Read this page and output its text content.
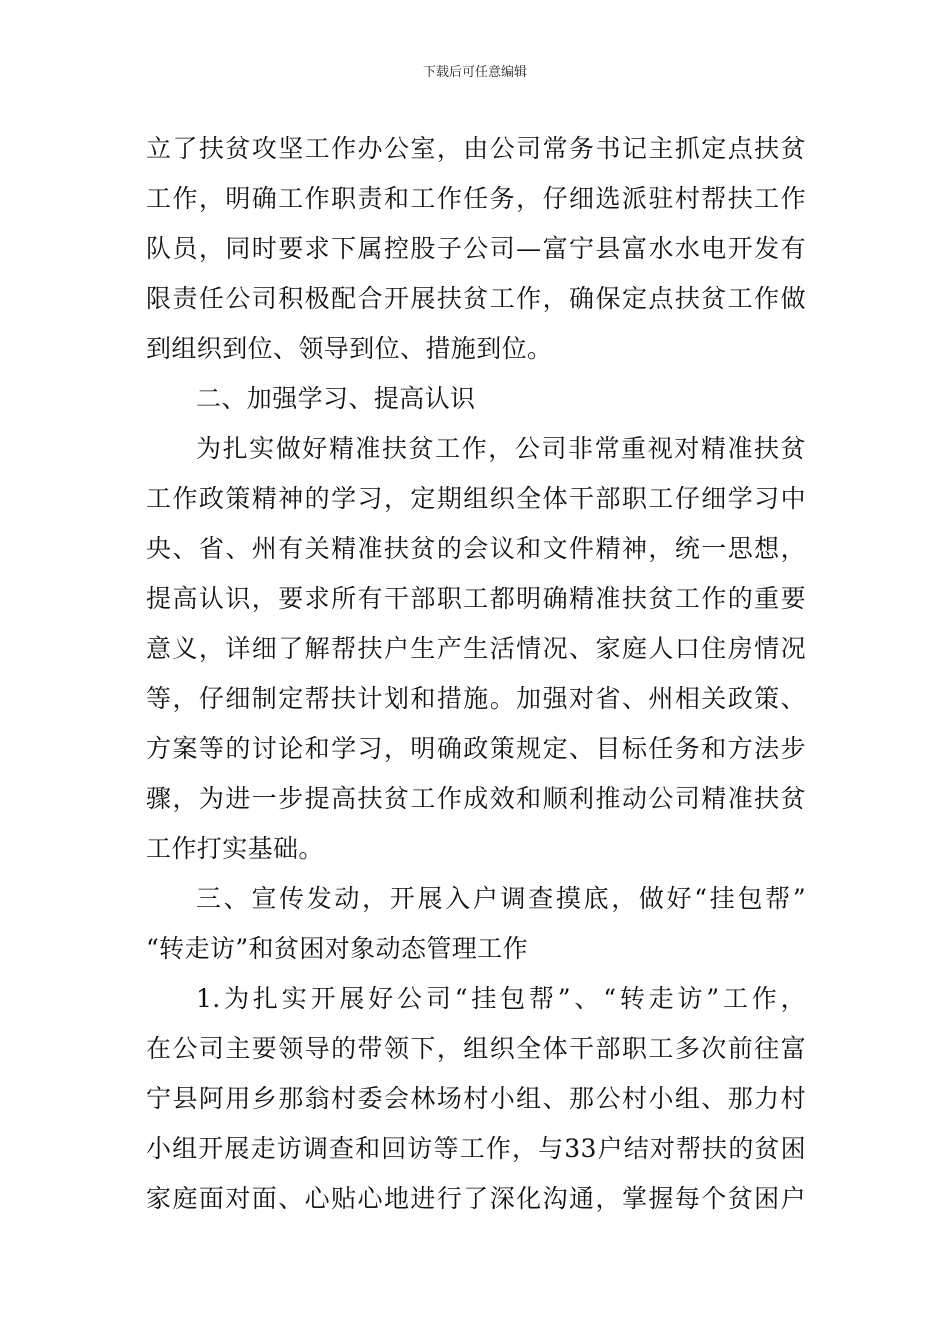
下载后可任意编辑
立了扶贫攻坚工作办公室，由公司常务书记主抓定点扶贫
工作，明确工作职责和工作任务，仔细选派驻村帮扶工作
队员，同时要求下属控股子公司—富宁县富水水电开发有
限责任公司积极配合开展扶贫工作，确保定点扶贫工作做
到组织到位、领导到位、措施到位。
二、加强学习、提高认识
为扎实做好精准扶贫工作，公司非常重视对精准扶贫
工作政策精神的学习，定期组织全体干部职工仔细学习中
央、省、州有关精准扶贫的会议和文件精神，统一思想，
提高认识，要求所有干部职工都明确精准扶贫工作的重要
意义，详细了解帮扶户生产生活情况、家庭人口住房情况
等，仔细制定帮扶计划和措施。加强对省、州相关政策、
方案等的讨论和学习，明确政策规定、目标任务和方法步
骤，为进一步提高扶贫工作成效和顺利推动公司精准扶贫
工作打实基础。
三、宣传发动，开展入户调查摸底，做好“挂包帮”
“转走访”和贫困对象动态管理工作
1.为扎实开展好公司“挂包帮”、“转走访”工作，
在公司主要领导的带领下，组织全体干部职工多次前往富
宁县阿用乡那翁村委会林场村小组、那公村小组、那力村
小组开展走访调查和回访等工作，与33户结对帮扶的贫困
家庭面对面、心贴心地进行了深化沟通，掌握每个贫困户
